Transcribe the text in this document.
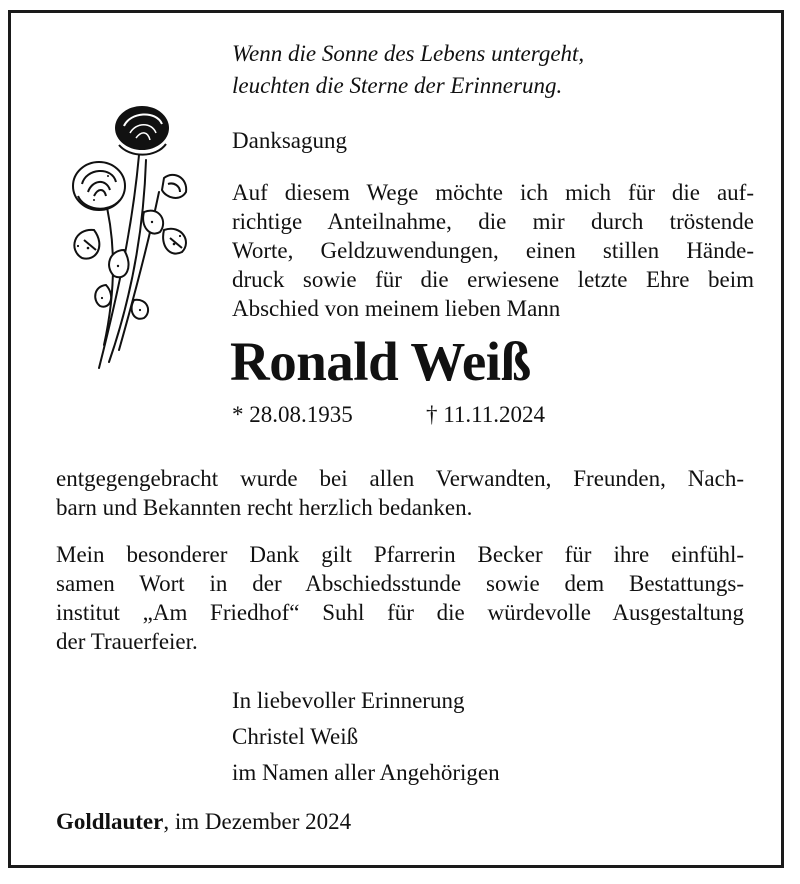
Wenn die Sonne des Lebens untergeht,
leuchten die Sterne der Erinnerung.
Danksagung
Auf diesem Wege möchte ich mich für die auf-
richtige Anteilnahme, die mir durch tröstende
Worte, Geldzuwendungen, einen stillen Hände-
druck sowie für die erwiesene letzte Ehre beim
Abschied von meinem lieben Mann
Ronald Weiß
* 28.08.1935	† 11.11.2024
entgegengebracht wurde bei allen Verwandten, Freunden, Nach-
barn und Bekannten recht herzlich bedanken.
Mein besonderer Dank gilt Pfarrerin Becker für ihre einfühl-
samen Wort in der Abschiedsstunde sowie dem Bestattungs-
institut „Am Friedhof“ Suhl für die würdevolle Ausgestaltung
der Trauerfeier.
In liebevoller Erinnerung
Christel Weiß
im Namen aller Angehörigen
Goldlauter, im Dezember 2024
